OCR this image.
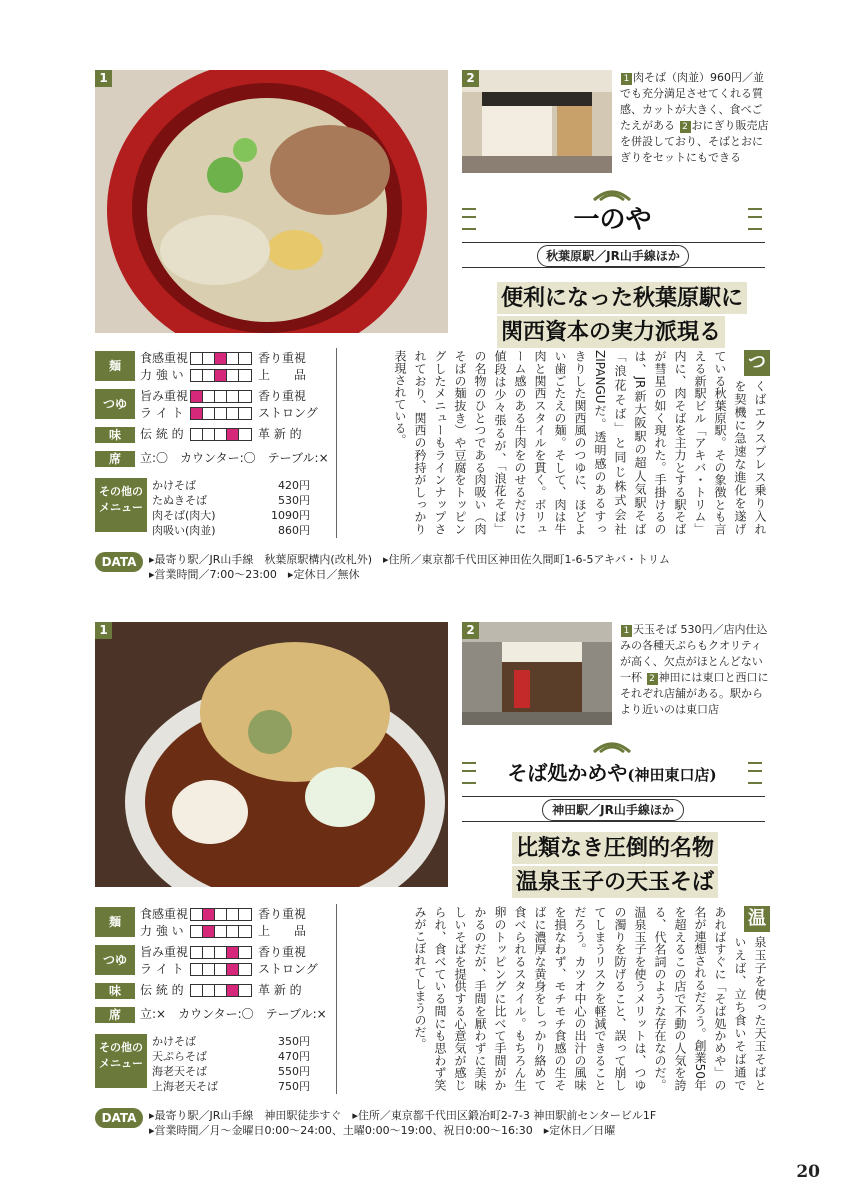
1	2	1 肉そば（肉並）960円／並でも充分満足させてくれる質感、カットが大きく、食べごたえがある 2 おにぎり販売店を併設しており、そばとおにぎりをセットにもできる
一のや
秋葉原駅／JR山手線ほか
便利になった秋葉原駅に
関西資本の実力派現る
つ
くばエクスプレス乗り入れを契機に急速な進化を遂げている秋葉原駅。その象徴とも言える新駅ビル「アキバ・トリム」内に、肉そばを主力とする駅そばが彗星の如く現れた。手掛けるのは、JR新大阪駅の超人気駅そば「浪花そば」と同じ株式会社ZIPANGUだ。透明感のあるすっきりした関西風のつゆに、ほどよい歯ごたえの麺。そして、肉は牛肉と関西スタイルを貫く。ボリューム感のある牛肉をのせるだけに値段は少々張るが、「浪花そば」の名物のひとつである肉吸い（肉そばの麺抜き）や豆腐をトッピングしたメニューもラインナップされており、関西の矜持がしっかり表現されている。
麺
食感重視	香り重視
力 強 い	上　　品
つゆ
旨み重視	香り重視
ラ イ ト	ストロング
味	伝 統 的	革 新 的
席	立:〇　カウンター:〇　テーブル:×
その他のメニュー
かけそば	420円
たぬきそば	530円
肉そば(肉大)	1090円
肉吸い(肉並)	860円
DATA	▸最寄り駅／JR山手線　秋葉原駅構内(改札外)　▸住所／東京都千代田区神田佐久間町1-6-5アキバ・トリム
▸営業時間／7:00〜23:00　▸定休日／無休
1	2	1 天玉そば 530円／店内仕込みの各種天ぷらもクオリティが高く、欠点がほとんどない一杯 2 神田には東口と西口にそれぞれ店舗がある。駅からより近いのは東口店
そば処かめや(神田東口店)
神田駅／JR山手線ほか
比類なき圧倒的名物
温泉玉子の天玉そば
温
泉玉子を使った天玉そばといえば、立ち食いそば通であればすぐに「そば処かめや」の名が連想されるだろう。創業50年を超えるこの店で不動の人気を誇る、代名詞のような存在なのだ。温泉玉子を使うメリットは、つゆの濁りを防げること、誤って崩してしまうリスクを軽減できることだろう。カツオ中心の出汁の風味を損なわず、モチモチ食感の生そばに濃厚な黄身をしっかり絡めて食べられるスタイル。もちろん生卵のトッピングに比べて手間がかかるのだが、手間を厭わずに美味しいそばを提供する心意気が感じられ、食べている間にも思わず笑みがこぼれてしまうのだ。
麺
食感重視	香り重視
力 強 い	上　　品
つゆ
旨み重視	香り重視
ラ イ ト	ストロング
味	伝 統 的	革 新 的
席	立:×　カウンター:〇　テーブル:×
その他のメニュー
かけそば	350円
天ぷらそば	470円
海老天そば	550円
上海老天そば	750円
DATA	▸最寄り駅／JR山手線　神田駅徒歩すぐ　▸住所／東京都千代田区鍛冶町2-7-3 神田駅前センタービル1F
▸営業時間／月〜金曜日0:00〜24:00、土曜0:00〜19:00、祝日0:00〜16:30　▸定休日／日曜
20
